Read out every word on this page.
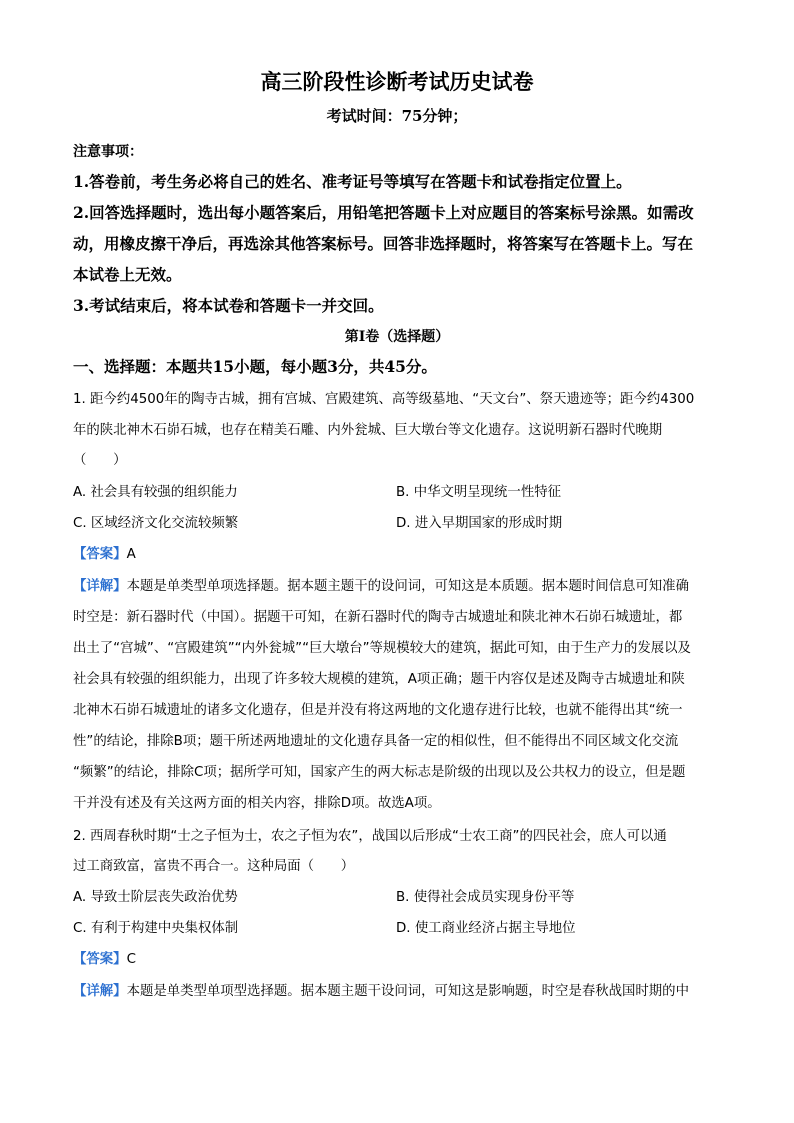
高三阶段性诊断考试历史试卷
考试时间：75分钟；
注意事项：
1.答卷前，考生务必将自己的姓名、准考证号等填写在答题卡和试卷指定位置上。
2.回答选择题时，选出每小题答案后，用铅笔把答题卡上对应题目的答案标号涂黑。如需改
动，用橡皮擦干净后，再选涂其他答案标号。回答非选择题时，将答案写在答题卡上。写在
本试卷上无效。
3.考试结束后，将本试卷和答题卡一并交回。
第Ⅰ卷（选择题）
一、选择题：本题共15小题，每小题3分，共45分。
1. 距今约4500年的陶寺古城，拥有宫城、宫殿建筑、高等级墓地、“天文台”、祭天遗迹等；距今约4300
年的陕北神木石峁石城，也存在精美石雕、内外瓮城、巨大墩台等文化遗存。这说明新石器时代晚期
（　　）
A. 社会具有较强的组织能力	B. 中华文明呈现统一性特征
C. 区域经济文化交流较频繁	D. 进入早期国家的形成时期
【答案】A
【详解】本题是单类型单项选择题。据本题主题干的设问词，可知这是本质题。据本题时间信息可知准确
时空是：新石器时代（中国）。据题干可知，在新石器时代的陶寺古城遗址和陕北神木石峁石城遗址，都
出土了“宫城”、“宫殿建筑”“内外瓮城”“巨大墩台”等规模较大的建筑，据此可知，由于生产力的发展以及
社会具有较强的组织能力，出现了许多较大规模的建筑，A项正确；题干内容仅是述及陶寺古城遗址和陕
北神木石峁石城遗址的诸多文化遗存，但是并没有将这两地的文化遗存进行比较，也就不能得出其“统一
性”的结论，排除B项；题干所述两地遗址的文化遗存具备一定的相似性，但不能得出不同区域文化交流
“频繁”的结论，排除C项；据所学可知，国家产生的两大标志是阶级的出现以及公共权力的设立，但是题
干并没有述及有关这两方面的相关内容，排除D项。故选A项。
2. 西周春秋时期“士之子恒为士，农之子恒为农”，战国以后形成“士农工商”的四民社会，庶人可以通
过工商致富，富贵不再合一。这种局面（　　）
A. 导致士阶层丧失政治优势	B. 使得社会成员实现身份平等
C. 有利于构建中央集权体制	D. 使工商业经济占据主导地位
【答案】C
【详解】本题是单类型单项型选择题。据本题主题干设问词，可知这是影响题，时空是春秋战国时期的中
